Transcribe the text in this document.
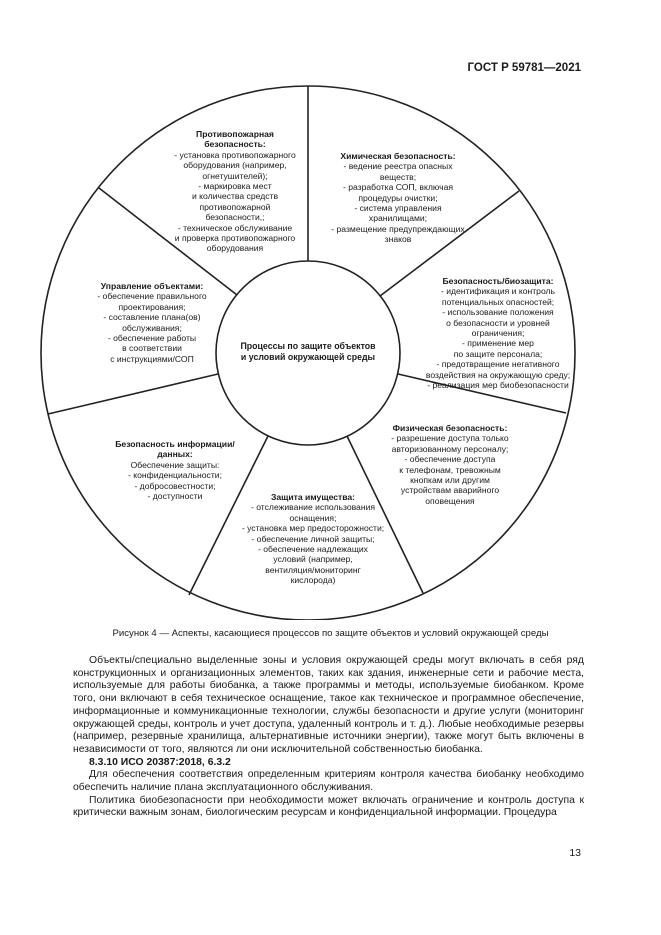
ГОСТ Р 59781—2021
Процессы по защите объектов
и условий окружающей среды
Противопожарная
безопасность:
- установка противопожарного
оборудования (например,
огнетушителей);
- маркировка мест
и количества средств
противопожарной
безопасности,;
- техническое обслуживание
и проверка противопожарного
оборудования
Химическая безопасность:
- ведение реестра опасных
веществ;
- разработка СОП, включая
процедуры очистки;
- система управления
хранилищами;
- размещение предупреждающих
знаков
Безопасность/биозащита:
- идентификация и контроль
потенциальных опасностей;
- использование положения
о безопасности и уровней
ограничения;
- применение мер
по защите персонала;
- предотвращение негативного
воздействия на окружающую среду;
- реализация мер биобезопасности
Физическая безопасность:
- разрешение доступа только
авторизованному персоналу;
- обеспечение доступа
к телефонам, тревожным
кнопкам или другим
устройствам аварийного
оповещения
Защита имущества:
- отслеживание использования
оснащения;
- установка мер предосторожности;
- обеспечение личной защиты;
- обеспечение надлежащих
условий (например,
вентиляция/мониторинг
кислорода)
Безопасность информации/
данных:
Обеспечение защиты:
- конфиденциальности;
- добросовестности;
- доступности
Управление объектами:
- обеспечение правильного
проектирования;
- составление плана(ов)
обслуживания;
- обеспечение работы
в соответствии
с инструкциями/СОП
Рисунок 4 — Аспекты, касающиеся процессов по защите объектов и условий окружающей среды

Объекты/специально выделенные зоны и условия окружающей среды могут включать в себя ряд конструкционных и организационных элементов, таких как здания, инженерные сети и рабочие места, используемые для работы биобанка, а также программы и методы, используемые биобанком. Кроме того, они включают в себя техническое оснащение, такое как техническое и программное обеспечение, информационные и коммуникационные технологии, службы безопасности и другие услуги (мониторинг окружающей среды, контроль и учет доступа, удаленный контроль и т. д.). Любые необходимые резервы (например, резервные хранилища, альтернативные источники энергии), также могут быть включены в независимости от того, являются ли они исключительной собственностью биобанка.

8.3.10 ИСО 20387:2018, 6.3.2

Для обеспечения соответствия определенным критериям контроля качества биобанку необходимо обеспечить наличие плана эксплуатационного обслуживания.

Политика биобезопасности при необходимости может включать ограничение и контроль доступа к критически важным зонам, биологическим ресурсам и конфиденциальной информации. Процедура

13
